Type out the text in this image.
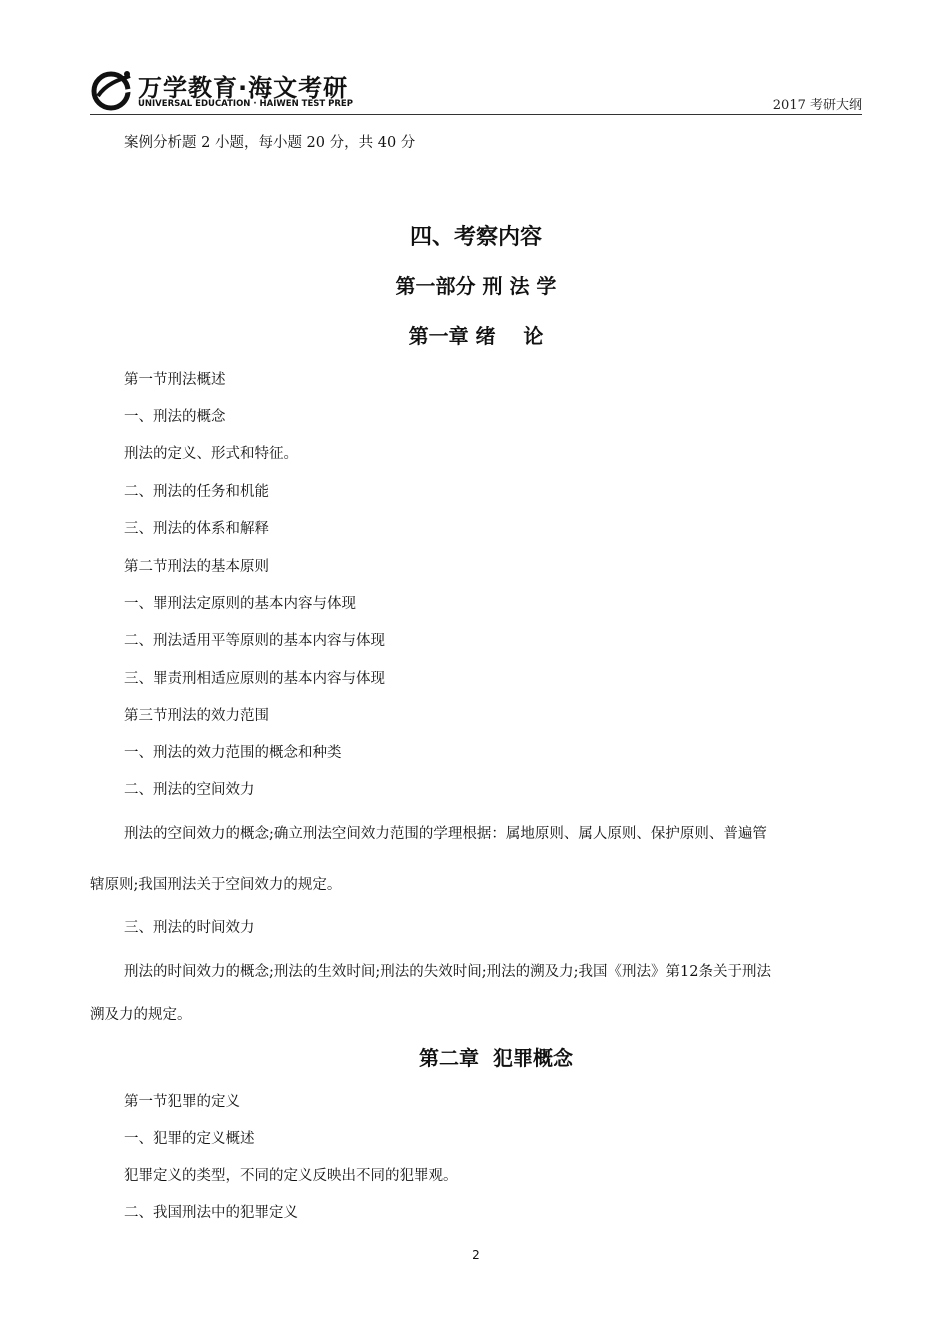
万学教育·海文考研
UNIVERSAL EDUCATION · HAIWEN TEST PREP	2017 考研大纲
案例分析题 2 小题，每小题 20 分，共 40 分
四、考察内容
第一部分 刑 法 学
第一章 绪    论
第一节刑法概述
一、刑法的概念
刑法的定义、形式和特征。
二、刑法的任务和机能
三、刑法的体系和解释
第二节刑法的基本原则
一、罪刑法定原则的基本内容与体现
二、刑法适用平等原则的基本内容与体现
三、罪责刑相适应原则的基本内容与体现
第三节刑法的效力范围
一、刑法的效力范围的概念和种类
二、刑法的空间效力
刑法的空间效力的概念;确立刑法空间效力范围的学理根据：属地原则、属人原则、保护原则、普遍管
辖原则;我国刑法关于空间效力的规定。
三、刑法的时间效力
刑法的时间效力的概念;刑法的生效时间;刑法的失效时间;刑法的溯及力;我国《刑法》第12条关于刑法
溯及力的规定。
第二章  犯罪概念
第一节犯罪的定义
一、犯罪的定义概述
犯罪定义的类型，不同的定义反映出不同的犯罪观。
二、我国刑法中的犯罪定义
2
